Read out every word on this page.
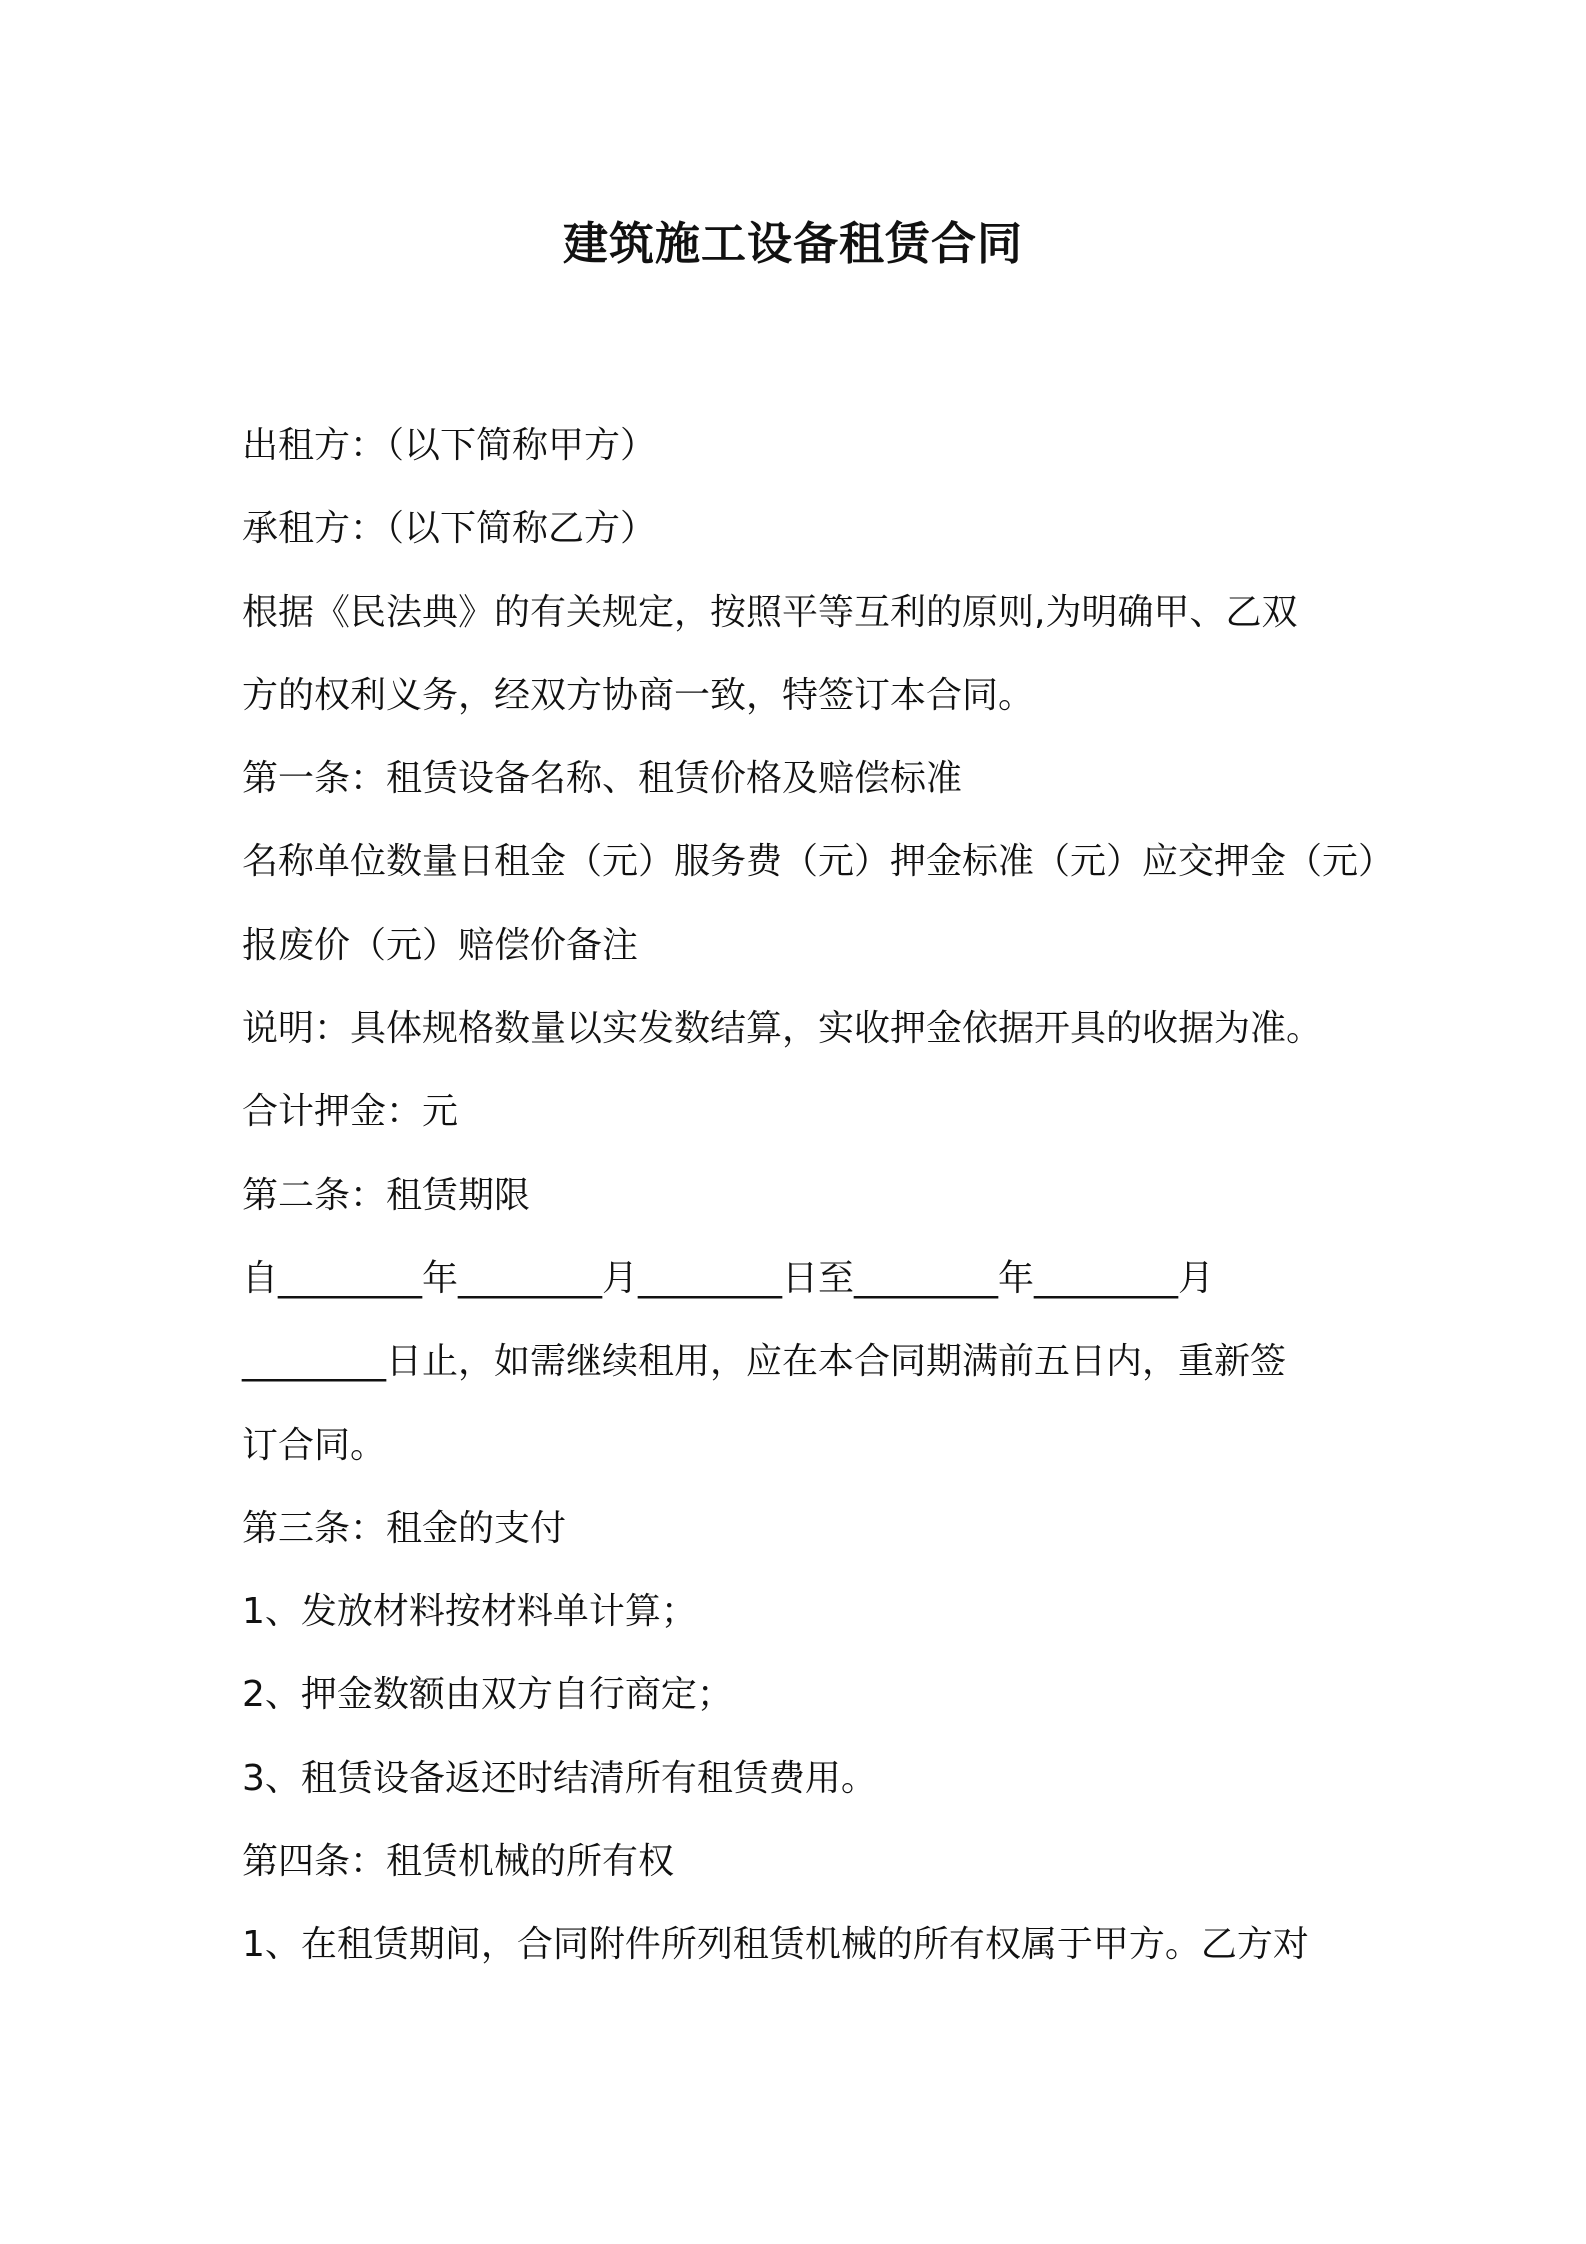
建筑施工设备租赁合同

出租方：（以下简称甲方）

承租方：（以下简称乙方）

根据《民法典》的有关规定，按照平等互利的原则,为明确甲、乙双

方的权利义务，经双方协商一致，特签订本合同。

第一条：租赁设备名称、租赁价格及赔偿标准

名称单位数量日租金（元）服务费（元）押金标准（元）应交押金（元）

报废价（元）赔偿价备注

说明：具体规格数量以实发数结算，实收押金依据开具的收据为准。

合计押金：元

第二条：租赁期限

自________年________月________日至________年________月

________日止，如需继续租用，应在本合同期满前五日内，重新签

订合同。

第三条：租金的支付

1、发放材料按材料单计算；

2、押金数额由双方自行商定；

3、租赁设备返还时结清所有租赁费用。

第四条：租赁机械的所有权

1、在租赁期间，合同附件所列租赁机械的所有权属于甲方。乙方对
